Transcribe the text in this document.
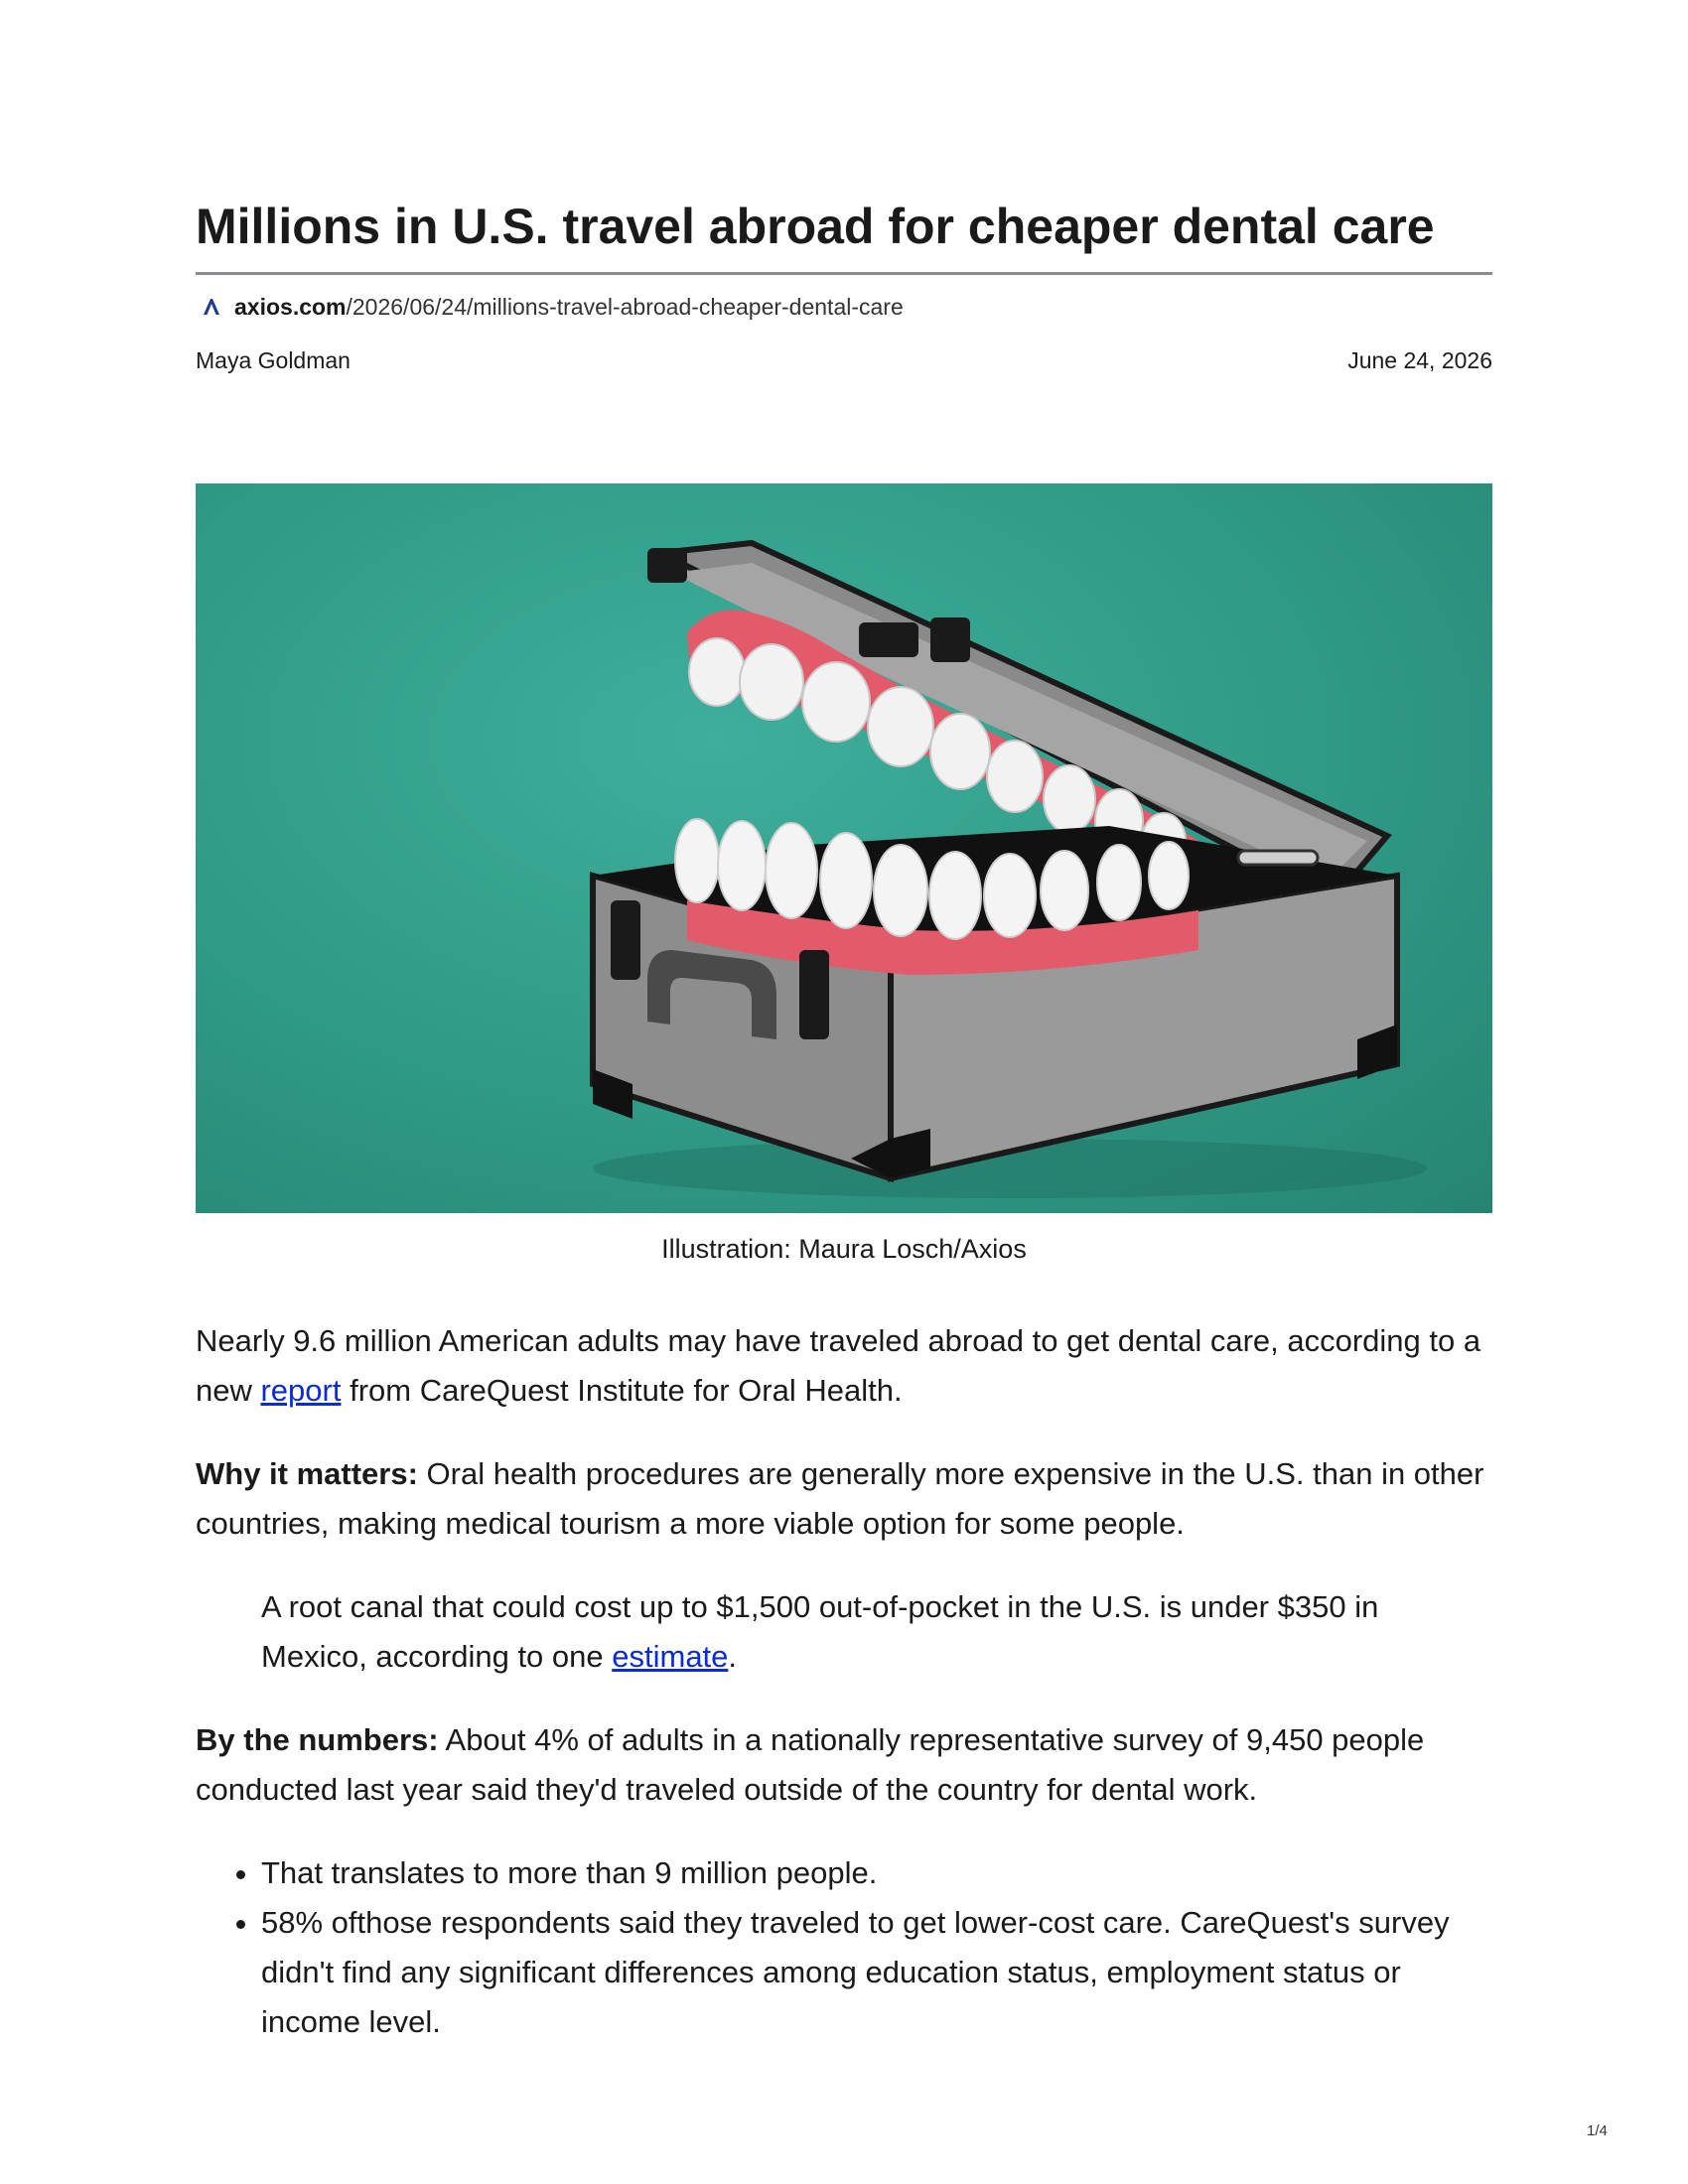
Millions in U.S. travel abroad for cheaper dental care
axios.com/2026/06/24/millions-travel-abroad-cheaper-dental-care
Maya Goldman	June 24, 2026
Illustration: Maura Losch/Axios

Nearly 9.6 million American adults may have traveled abroad to get dental care, according to a new report from CareQuest Institute for Oral Health.

Why it matters: Oral health procedures are generally more expensive in the U.S. than in other countries, making medical tourism a more viable option for some people.

A root canal that could cost up to $1,500 out-of-pocket in the U.S. is under $350 in Mexico, according to one estimate.

By the numbers: About 4% of adults in a nationally representative survey of 9,450 people conducted last year said they'd traveled outside of the country for dental work.

• That translates to more than 9 million people.
• 58% ofthose respondents said they traveled to get lower-cost care. CareQuest's survey didn't find any significant differences among education status, employment status or income level.
1/4
